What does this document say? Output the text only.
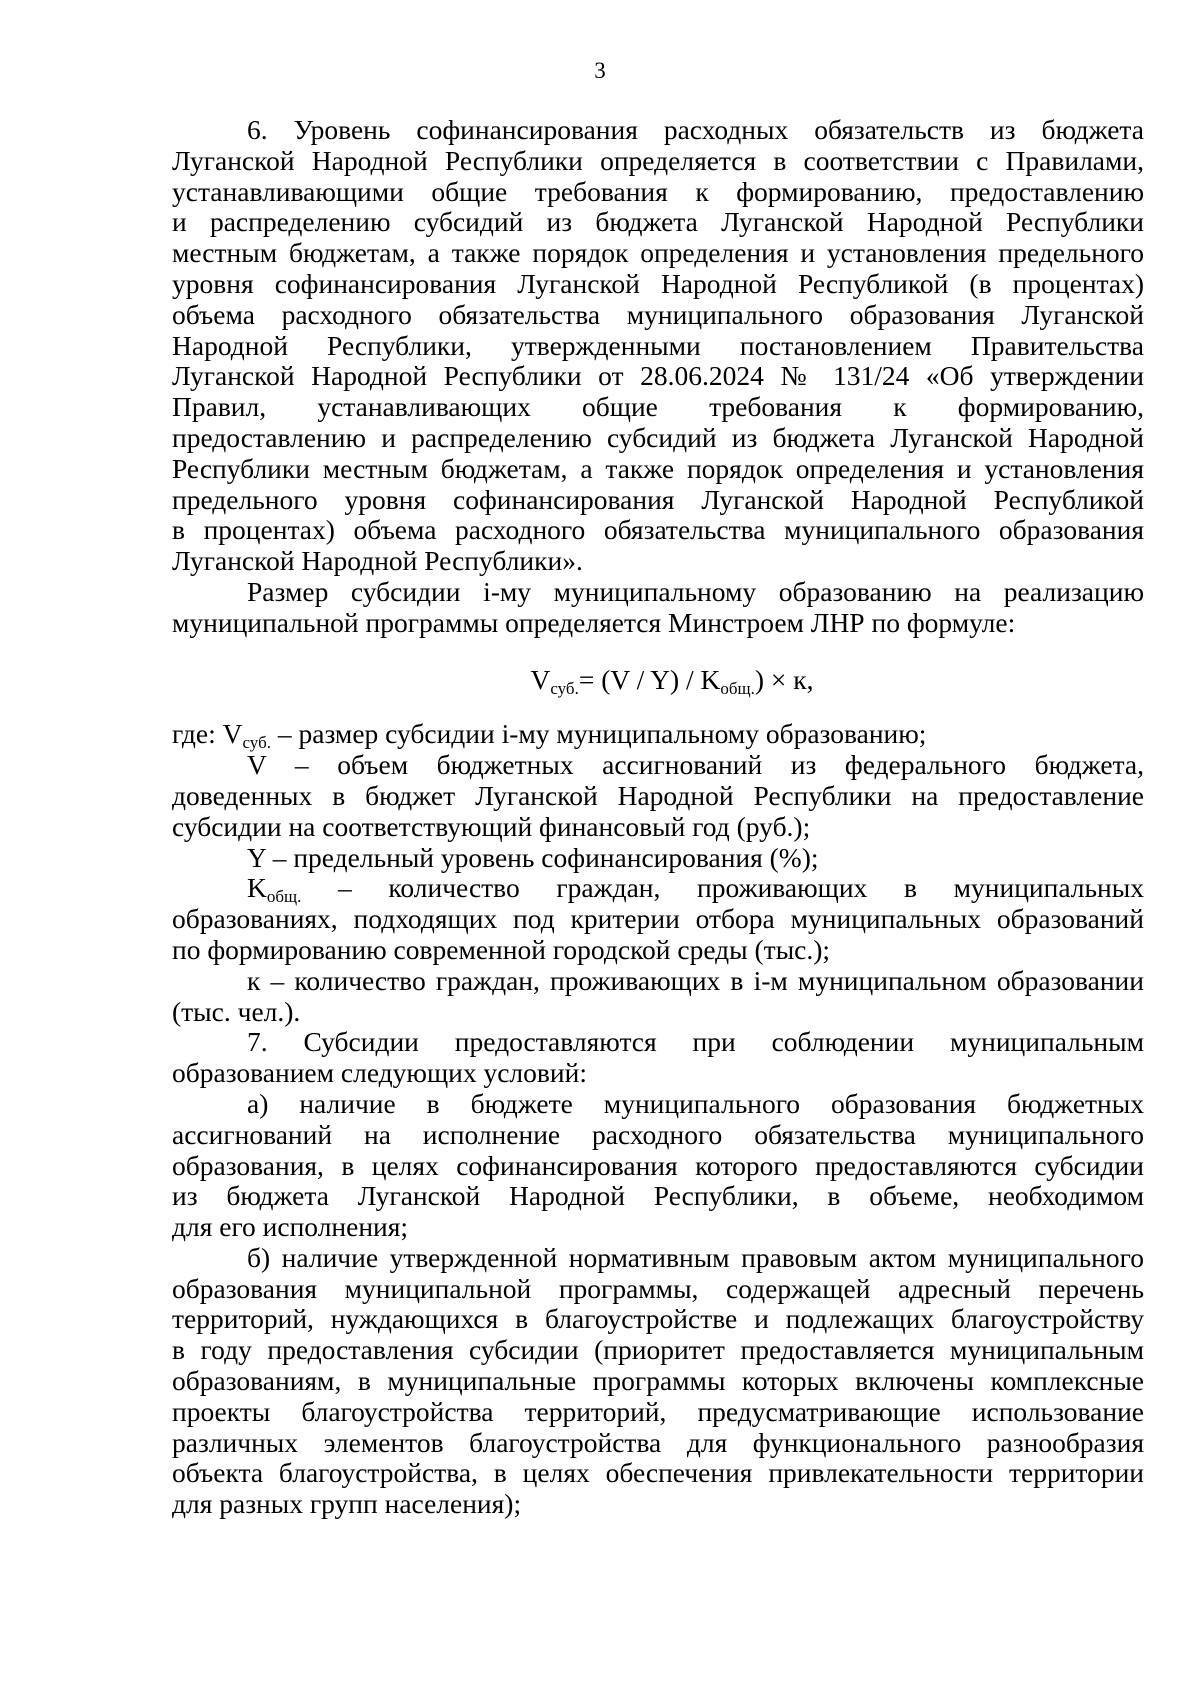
3
6. Уровень софинансирования расходных обязательств из бюджета
Луганской Народной Республики определяется в соответствии с Правилами,
устанавливающими общие требования к формированию, предоставлению
и распределению субсидий из бюджета Луганской Народной Республики
местным бюджетам, а также порядок определения и установления предельного
уровня софинансирования Луганской Народной Республикой (в процентах)
объема расходного обязательства муниципального образования Луганской
Народной Республики, утвержденными постановлением Правительства
Луганской Народной Республики от 28.06.2024 № 131/24 «Об утверждении
Правил, устанавливающих общие требования к формированию,
предоставлению и распределению субсидий из бюджета Луганской Народной
Республики местным бюджетам, а также порядок определения и установления
предельного уровня софинансирования Луганской Народной Республикой
в процентах) объема расходного обязательства муниципального образования
Луганской Народной Республики».
Размер субсидии i-му муниципальному образованию на реализацию
муниципальной программы определяется Минстроем ЛНР по формуле:
$V_{суб.}= (V / Y) / K_{общ.}) \times к$,
где: $V_{суб.}$ – размер субсидии i-му муниципальному образованию;
V – объем бюджетных ассигнований из федерального бюджета,
доведенных в бюджет Луганской Народной Республики на предоставление
субсидии на соответствующий финансовый год (руб.);
Y – предельный уровень софинансирования (%);
$K_{общ.}$ – количество граждан, проживающих в муниципальных
образованиях, подходящих под критерии отбора муниципальных образований
по формированию современной городской среды (тыс.);
к – количество граждан, проживающих в i-м муниципальном образовании
(тыс. чел.).
7. Субсидии предоставляются при соблюдении муниципальным
образованием следующих условий:
а) наличие в бюджете муниципального образования бюджетных
ассигнований на исполнение расходного обязательства муниципального
образования, в целях софинансирования которого предоставляются субсидии
из бюджета Луганской Народной Республики, в объеме, необходимом
для его исполнения;
б) наличие утвержденной нормативным правовым актом муниципального
образования муниципальной программы, содержащей адресный перечень
территорий, нуждающихся в благоустройстве и подлежащих благоустройству
в году предоставления субсидии (приоритет предоставляется муниципальным
образованиям, в муниципальные программы которых включены комплексные
проекты благоустройства территорий, предусматривающие использование
различных элементов благоустройства для функционального разнообразия
объекта благоустройства, в целях обеспечения привлекательности территории
для разных групп населения);
